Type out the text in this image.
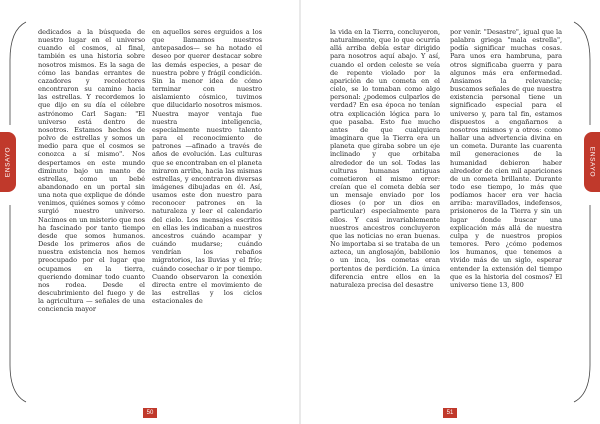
dedicados a la búsqueda de nuestro lugar en el universo cuando el cosmos, al final, también es una historia sobre nosotros mismos. Es la saga de cómo las bandas errantes de cazadores y recolectores encontraron su camino hacia las estrellas. Y recordemos lo que dijo en su día el célebre astrónomo Carl Sagan: "El universo está dentro de nosotros. Estamos hechos de polvo de estrellas y somos un medio para que el cosmos se conozca a sí mismo". Nos despertamos en este mundo diminuto bajo un manto de estrellas, como un bebé abandonado en un portal sin una nota que explique de dónde venimos, quiénes somos y cómo surgió nuestro universo. Nacimos en un misterio que nos ha fascinado por tanto tiempo desde que somos humanos. Desde los primeros años de nuestra existencia nos hemos preocupado por el lugar que ocupamos en la tierra, queriendo dominar todo cuanto nos rodea. Desde el descubrimiento del fuego y de la agricultura — señales de una conciencia mayor

en aquellos seres erguidos a los que llamamos nuestros antepasados— se ha notado el deseo por querer destacar sobre las demás especies, a pesar de nuestra pobre y frágil condición. Sin la menor idea de cómo terminar con nuestro aislamiento cósmico, tuvimos que dilucidarlo nosotros mismos. Nuestra mayor ventaja fue nuestra inteligencia, especialmente nuestro talento para el reconocimiento de patrones —afinado a través de años de evolución. Las culturas que se encontraban en el planeta miraron arriba, hacia las mismas estrellas, y encontraron diversas imágenes dibujadas en él. Así, usamos este don nuestro para reconocer patrones en la naturaleza y leer el calendario del cielo. Los mensajes escritos en ellas les indicaban a nuestros ancestros cuándo acampar y cuándo mudarse; cuándo vendrían los rebaños migratorios, las lluvias y el frío; cuándo cosechar o ir por tiempo. Cuando observaron la conexión directa entre el movimiento de las estrellas y los ciclos estacionales de

ENSAYO
50

la vida en la Tierra, concluyeron, naturalmente, que lo que ocurría allá arriba debía estar dirigido para nosotros aquí abajo. Y así, cuando el orden celeste se veía de repente violado por la aparición de un cometa en el cielo, se lo tomaban como algo personal: ¿podemos culparlos de verdad? En esa época no tenían otra explicación lógica para lo que pasaba. Esto fue mucho antes de que cualquiera imaginara que la Tierra era un planeta que giraba sobre un eje inclinado y que orbitaba alrededor de un sol. Todas las culturas humanas antiguas cometieron el mismo error: creían que el cometa debía ser un mensaje enviado por los dioses (o por un dios en particular) especialmente para ellos. Y casi invariablemente nuestros ancestros concluyeron que las noticias no eran buenas. No importaba si se trataba de un azteca, un anglosajón, babilonio o un inca, los cometas eran portentos de perdición. La única diferencia entre ellos en la naturaleza precisa del desastre

por venir. "Desastre", igual que la palabra griega "mala estrella", podía significar muchas cosas. Para unos era hambruna, para otros significaba guerra y para algunos más era enfermedad. Ansiamos la relevancia; buscamos señales de que nuestra existencia personal tiene un significado especial para el universo y, para tal fin, estamos dispuestos a engañarnos a nosotros mismos y a otros: como hallar una advertencia divina en un cometa. Durante las cuarenta mil generaciones de la humanidad debieron haber alrededor de cien mil apariciones de un cometa brillante. Durante todo ese tiempo, lo más que podíamos hacer era ver hacia arriba: maravillados, indefensos, prisioneros de la Tierra y sin un lugar donde buscar una explicación más allá de nuestra culpa y de nuestros propios temores. Pero ¿cómo podemos los humanos, que tenemos a vivido más de un siglo, esperar entender la extensión del tiempo que es la historia del cosmos? El universo tiene 13, 800

ENSAYO
51
